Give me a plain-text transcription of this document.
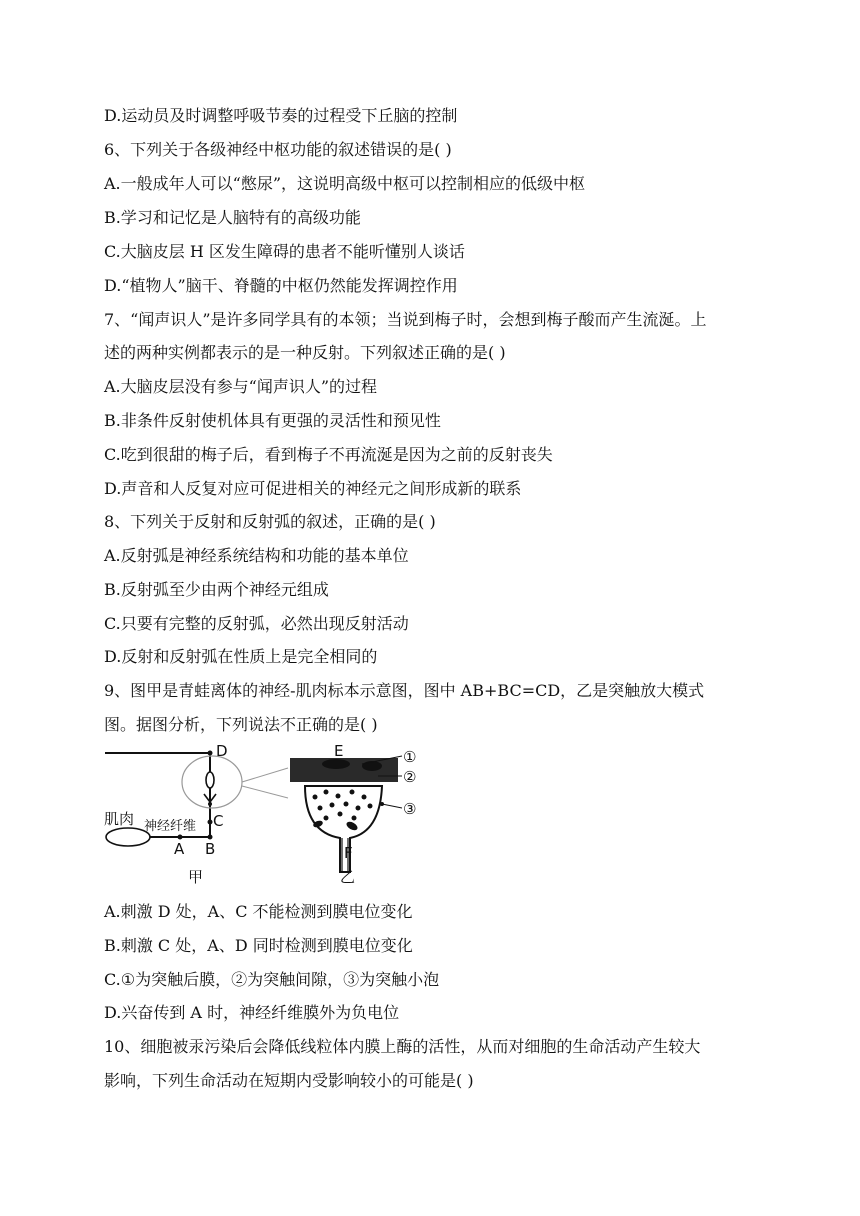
D.运动员及时调整呼吸节奏的过程受下丘脑的控制
6、下列关于各级神经中枢功能的叙述错误的是( )
A.一般成年人可以“憋尿”，这说明高级中枢可以控制相应的低级中枢
B.学习和记忆是人脑特有的高级功能
C.大脑皮层 H 区发生障碍的患者不能听懂别人谈话
D.“植物人”脑干、脊髓的中枢仍然能发挥调控作用
7、“闻声识人”是许多同学具有的本领；当说到梅子时，会想到梅子酸而产生流涎。上
述的两种实例都表示的是一种反射。下列叙述正确的是( )
A.大脑皮层没有参与“闻声识人”的过程
B.非条件反射使机体具有更强的灵活性和预见性
C.吃到很甜的梅子后，看到梅子不再流涎是因为之前的反射丧失
D.声音和人反复对应可促进相关的神经元之间形成新的联系
8、下列关于反射和反射弧的叙述，正确的是( )
A.反射弧是神经系统结构和功能的基本单位
B.反射弧至少由两个神经元组成
C.只要有完整的反射弧，必然出现反射活动
D.反射和反射弧在性质上是完全相同的
9、图甲是青蛙离体的神经-肌肉标本示意图，图中 AB+BC=CD，乙是突触放大模式
图。据图分析，下列说法不正确的是( )
D
C
肌肉 神经纤维
A B
甲
E
F
①
②
③
乙
A.刺激 D 处，A、C 不能检测到膜电位变化
B.刺激 C 处，A、D 同时检测到膜电位变化
C.①为突触后膜，②为突触间隙，③为突触小泡
D.兴奋传到 A 时，神经纤维膜外为负电位
10、细胞被汞污染后会降低线粒体内膜上酶的活性，从而对细胞的生命活动产生较大
影响，下列生命活动在短期内受影响较小的可能是( )
